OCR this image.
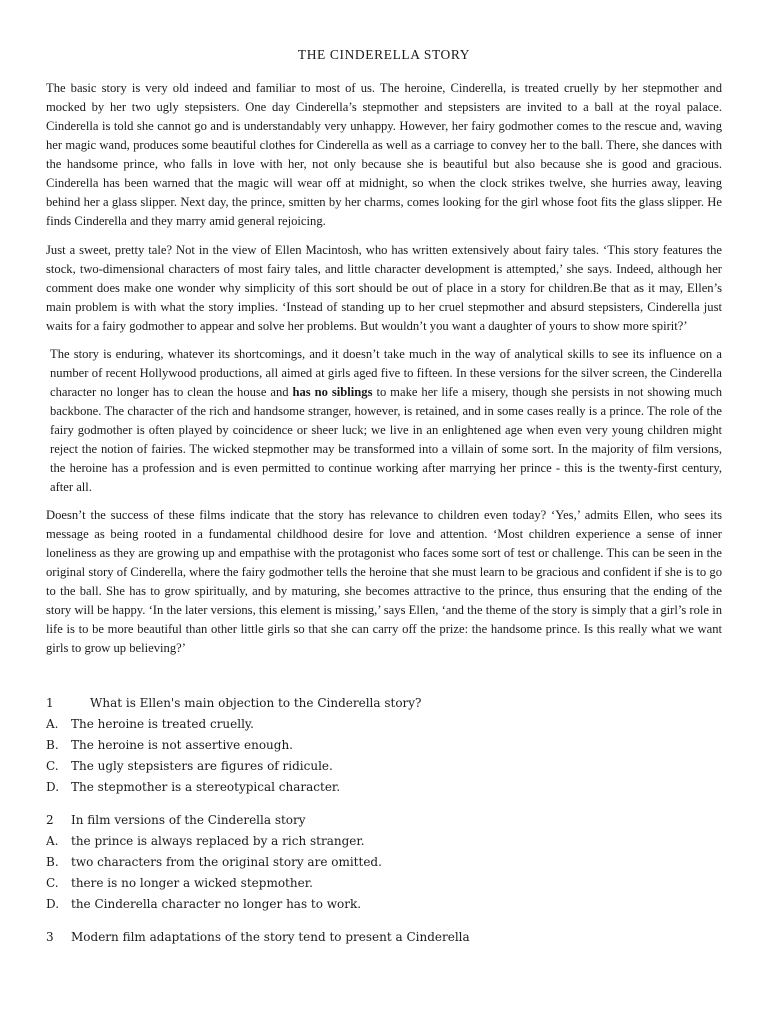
THE CINDERELLA STORY

The basic story is very old indeed and familiar to most of us. The heroine, Cinderella, is treated cruelly by her stepmother and mocked by her two ugly stepsisters. One day Cinderella’s stepmother and stepsisters are invited to a ball at the royal palace. Cinderella is told she cannot go and is understandably very unhappy. However, her fairy godmother comes to the rescue and, waving her magic wand, produces some beautiful clothes for Cinderella as well as a carriage to convey her to the ball. There, she dances with the handsome prince, who falls in love with her, not only because she is beautiful but also because she is good and gracious. Cinderella has been warned that the magic will wear off at midnight, so when the clock strikes twelve, she hurries away, leaving behind her a glass slipper. Next day, the prince, smitten by her charms, comes looking for the girl whose foot fits the glass slipper. He finds Cinderella and they marry amid general rejoicing.

Just a sweet, pretty tale? Not in the view of Ellen Macintosh, who has written extensively about fairy tales. ‘This story features the stock, two-dimensional characters of most fairy tales, and little character development is attempted,’ she says. Indeed, although her comment does make one wonder why simplicity of this sort should be out of place in a story for children.Be that as it may, Ellen’s main problem is with what the story implies. ‘Instead of standing up to her cruel stepmother and absurd stepsisters, Cinderella just waits for a fairy godmother to appear and solve her problems. But wouldn’t you want a daughter of yours to show more spirit?’

The story is enduring, whatever its shortcomings, and it doesn’t take much in the way of analytical skills to see its influence on a number of recent Hollywood productions, all aimed at girls aged five to fifteen. In these versions for the silver screen, the Cinderella character no longer has to clean the house and has no siblings to make her life a misery, though she persists in not showing much backbone. The character of the rich and handsome stranger, however, is retained, and in some cases really is a prince. The role of the fairy godmother is often played by coincidence or sheer luck; we live in an enlightened age when even very young children might reject the notion of fairies. The wicked stepmother may be transformed into a villain of some sort. In the majority of film versions, the heroine has a profession and is even permitted to continue working after marrying her prince - this is the twenty-first century, after all.

Doesn’t the success of these films indicate that the story has relevance to children even today? ‘Yes,’ admits Ellen, who sees its message as being rooted in a fundamental childhood desire for love and attention. ‘Most children experience a sense of inner loneliness as they are growing up and empathise with the protagonist who faces some sort of test or challenge. This can be seen in the original story of Cinderella, where the fairy godmother tells the heroine that she must learn to be gracious and confident if she is to go to the ball. She has to grow spiritually, and by maturing, she becomes attractive to the prince, thus ensuring that the ending of the story will be happy. ‘In the later versions, this element is missing,’ says Ellen, ‘and the theme of the story is simply that a girl’s role in life is to be more beautiful than other little girls so that she can carry off the prize: the handsome prince. Is this really what we want girls to grow up believing?’

1	What is Ellen's main objection to the Cinderella story?
A.	The heroine is treated cruelly.
B.	The heroine is not assertive enough.
C.	The ugly stepsisters are figures of ridicule.
D. The stepmother is a stereotypical character.
2	In film versions of the Cinderella story
A.	the prince is always replaced by a rich stranger.
B.	two characters from the original story are omitted.
C.	there is no longer a wicked stepmother.
D. the Cinderella character no longer has to work.
3	Modern film adaptations of the story tend to present a Cinderella
